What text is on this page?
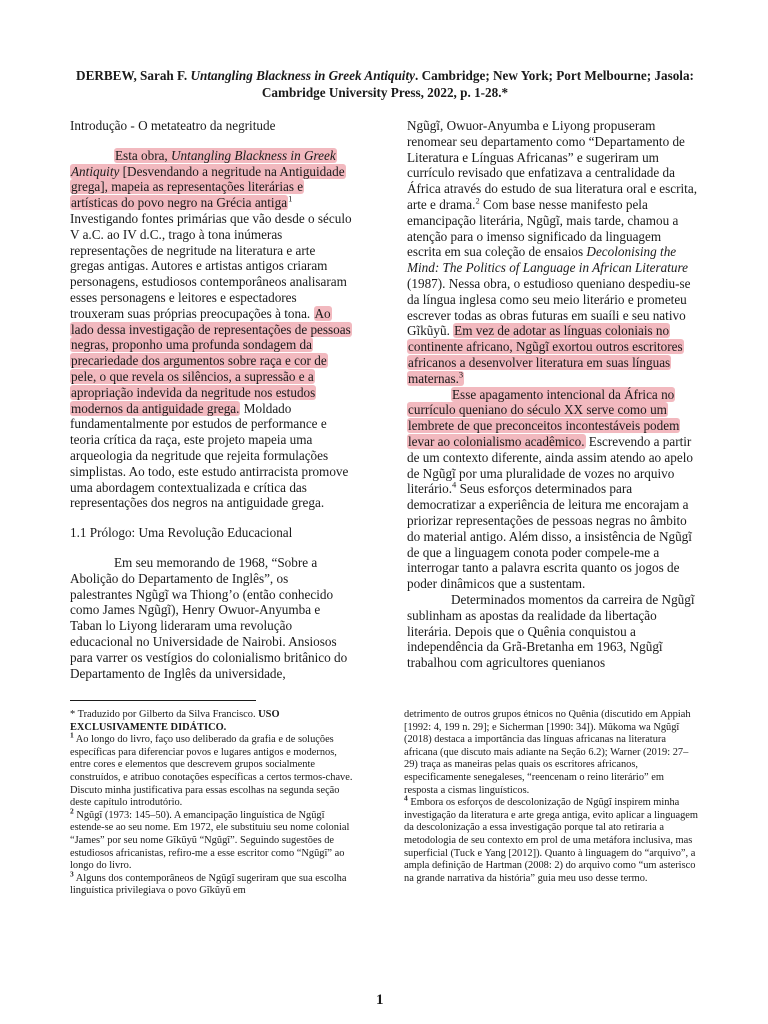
DERBEW, Sarah F. Untangling Blackness in Greek Antiquity. Cambridge; New York; Port Melbourne; Jasola: Cambridge University Press, 2022, p. 1-28.*

Introdução - O metateatro da negritude

Esta obra, Untangling Blackness in Greek Antiquity [Desvendando a negritude na Antiguidade grega], mapeia as representações literárias e artísticas do povo negro na Grécia antiga$^1$ Investigando fontes primárias que vão desde o século V a.C. ao IV d.C., trago à tona inúmeras representações de negritude na literatura e arte gregas antigas. Autores e artistas antigos criaram personagens, estudiosos contemporâneos analisaram esses personagens e leitores e espectadores trouxeram suas próprias preocupações à tona. Ao lado dessa investigação de representações de pessoas negras, proponho uma profunda sondagem da precariedade dos argumentos sobre raça e cor de pele, o que revela os silêncios, a supressão e a apropriação indevida da negritude nos estudos modernos da antiguidade grega. Moldado fundamentalmente por estudos de performance e teoria crítica da raça, este projeto mapeia uma arqueologia da negritude que rejeita formulações simplistas. Ao todo, este estudo antirracista promove uma abordagem contextualizada e crítica das representações dos negros na antiguidade grega.

1.1 Prólogo: Uma Revolução Educacional

Em seu memorando de 1968, “Sobre a Abolição do Departamento de Inglês”, os palestrantes Ngũgĩ wa Thiong’o (então conhecido como James Ngũgĩ), Henry Owuor-Anyumba e Taban lo Liyong lideraram uma revolução educacional no Universidade de Nairobi. Ansiosos para varrer os vestígios do colonialismo britânico do Departamento de Inglês da universidade,

Ngũgĩ, Owuor-Anyumba e Liyong propuseram renomear seu departamento como “Departamento de Literatura e Línguas Africanas” e sugeriram um currículo revisado que enfatizava a centralidade da África através do estudo de sua literatura oral e escrita, arte e drama.$^2$ Com base nesse manifesto pela emancipação literária, Ngũgĩ, mais tarde, chamou a atenção para o imenso significado da linguagem escrita em sua coleção de ensaios Decolonising the Mind: The Politics of Language in African Literature (1987). Nessa obra, o estudioso queniano despediu-se da língua inglesa como seu meio literário e prometeu escrever todas as obras futuras em suaíli e seu nativo Gĩkũyũ. Em vez de adotar as línguas coloniais no continente africano, Ngũgĩ exortou outros escritores africanos a desenvolver literatura em suas línguas maternas.$^3$

Esse apagamento intencional da África no currículo queniano do século XX serve como um lembrete de que preconceitos incontestáveis podem levar ao colonialismo acadêmico. Escrevendo a partir de um contexto diferente, ainda assim atendo ao apelo de Ngũgĩ por uma pluralidade de vozes no arquivo literário.$^4$ Seus esforços determinados para democratizar a experiência de leitura me encorajam a priorizar representações de pessoas negras no âmbito do material antigo. Além disso, a insistência de Ngũgĩ de que a linguagem conota poder compele-me a interrogar tanto a palavra escrita quanto os jogos de poder dinâmicos que a sustentam.

Determinados momentos da carreira de Ngũgĩ sublinham as apostas da realidade da libertação literária. Depois que o Quênia conquistou a independência da Grã-Bretanha em 1963, Ngũgĩ trabalhou com agricultores quenianos

* Traduzido por Gilberto da Silva Francisco. USO EXCLUSIVAMENTE DIDÁTICO.

$^1$ Ao longo do livro, faço uso deliberado da grafia e de soluções específicas para diferenciar povos e lugares antigos e modernos, entre cores e elementos que descrevem grupos socialmente construídos, e atribuo conotações específicas a certos termos-chave. Discuto minha justificativa para essas escolhas na segunda seção deste capítulo introdutório.

$^2$ Ngũgĩ (1973: 145–50). A emancipação linguística de Ngũgĩ estende-se ao seu nome. Em 1972, ele substituiu seu nome colonial “James” por seu nome Gĩkũyũ “Ngũgĩ”. Seguindo sugestões de estudiosos africanistas, refiro-me a esse escritor como “Ngũgĩ” ao longo do livro.

$^3$ Alguns dos contemporâneos de Ngũgĩ sugeriram que sua escolha linguística privilegiava o povo Gĩkũyũ em

detrimento de outros grupos étnicos no Quênia (discutido em Appiah [1992: 4, 199 n. 29]; e Sicherman [1990: 34]). Mũkoma wa Ngũgĩ (2018) destaca a importância das línguas africanas na literatura africana (que discuto mais adiante na Seção 6.2); Warner (2019: 27–29) traça as maneiras pelas quais os escritores africanos, especificamente senegaleses, “reencenam o reino literário” em resposta a cismas linguísticos.

$^4$ Embora os esforços de descolonização de Ngũgĩ inspirem minha investigação da literatura e arte grega antiga, evito aplicar a linguagem da descolonização a essa investigação porque tal ato retiraria a metodologia de seu contexto em prol de uma metáfora inclusiva, mas superficial (Tuck e Yang [2012]). Quanto à linguagem do “arquivo”, a ampla definição de Hartman (2008: 2) do arquivo como “um asterisco na grande narrativa da história” guia meu uso desse termo.

1
